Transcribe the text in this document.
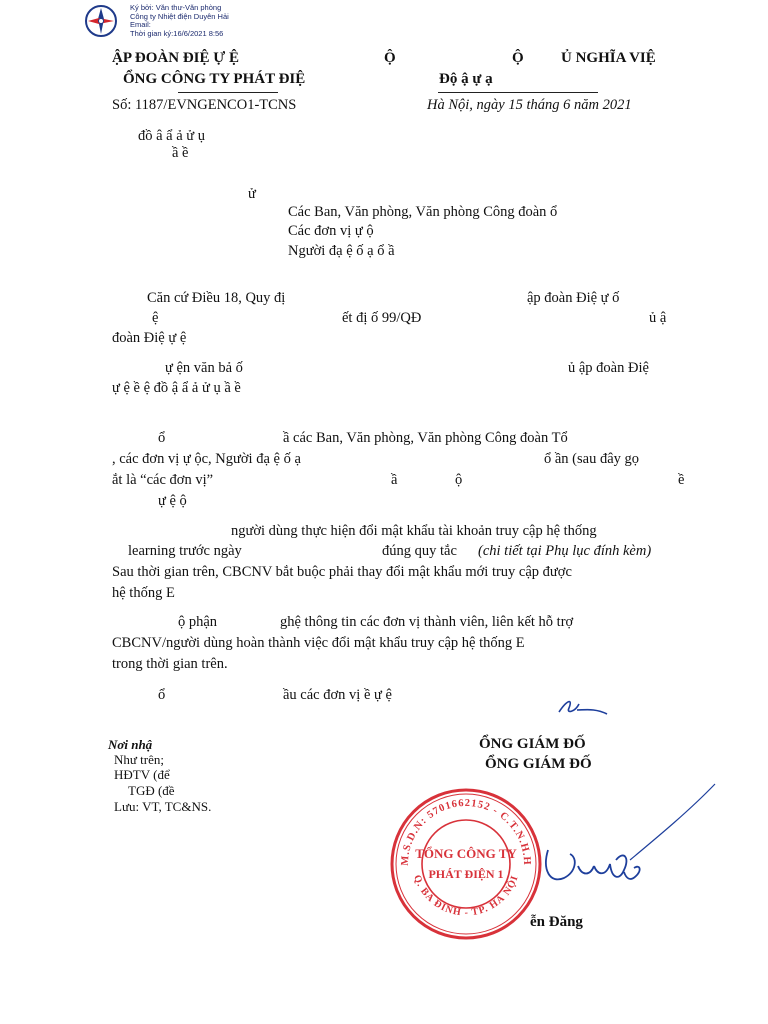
Ký bởi: Văn thư-Văn phòng
Công ty Nhiệt điện Duyên Hải
Email:
Thời gian ký:16/6/2021 8:56
ẬP ĐOÀN ĐIỆ Ự Ệ
ỔNG CÔNG TY PHÁT ĐIỆ
Số: 1187/EVNGENCO1-TCNS
Ộ	Ộ Ủ NGHĨA VIỆ
Độ ậ ự ạ
Hà Nội, ngày 15 tháng 6 năm 2021
đồ â ẩ ả ử ụ
ầ ề
ử
Các Ban, Văn phòng, Văn phòng Công đoàn ổ
Các đơn vị ự ộ
Người đạ ệ ố ạ ổ ầ
Căn cứ Điều 18, Quy đị	ập đoàn Điệ ự ố
ệ	ết đị ố 99/QĐ	ủ ậ
đoàn Điệ ự ệ
ự ện văn bả ố	ủ ập đoàn Điệ
ự ệ ề ệ đồ ậ ẩ ả ử ụ ầ ề
ổ	ầ các Ban, Văn phòng, Văn phòng Công đoàn Tổ
, các đơn vị ự ộc, Người đạ ệ ố ạ	ổ ần (sau đây gọ
ắt là “các đơn vị”	ầ	ộ	ề
ự ệ ộ
người dùng thực hiện đổi mật khẩu tài khoản truy cập hệ thống
learning trước ngày	đúng quy tắc (chi tiết tại Phụ lục đính kèm)
Sau thời gian trên, CBCNV bắt buộc phải thay đổi mật khẩu mới truy cập được
hệ thống E
ộ phận	ghệ thông tin các đơn vị thành viên, liên kết hỗ trợ
CBCNV/người dùng hoàn thành việc đổi mật khẩu truy cập hệ thống E
trong thời gian trên.
ổ	ầu các đơn vị ề ự ệ
Nơi nhậ
Như trên;
HĐTV (để
TGĐ (đề
Lưu: VT, TC&NS.
ỔNG GIÁM ĐỐ
ỔNG GIÁM ĐỐ
M.S.D.N: 5701662152 - C.T.N.H.H
Q. BA ĐÌNH - TP. HÀ NỘI
TỔNG CÔNG TY
PHÁT ĐIỆN 1
ễn Đăng
